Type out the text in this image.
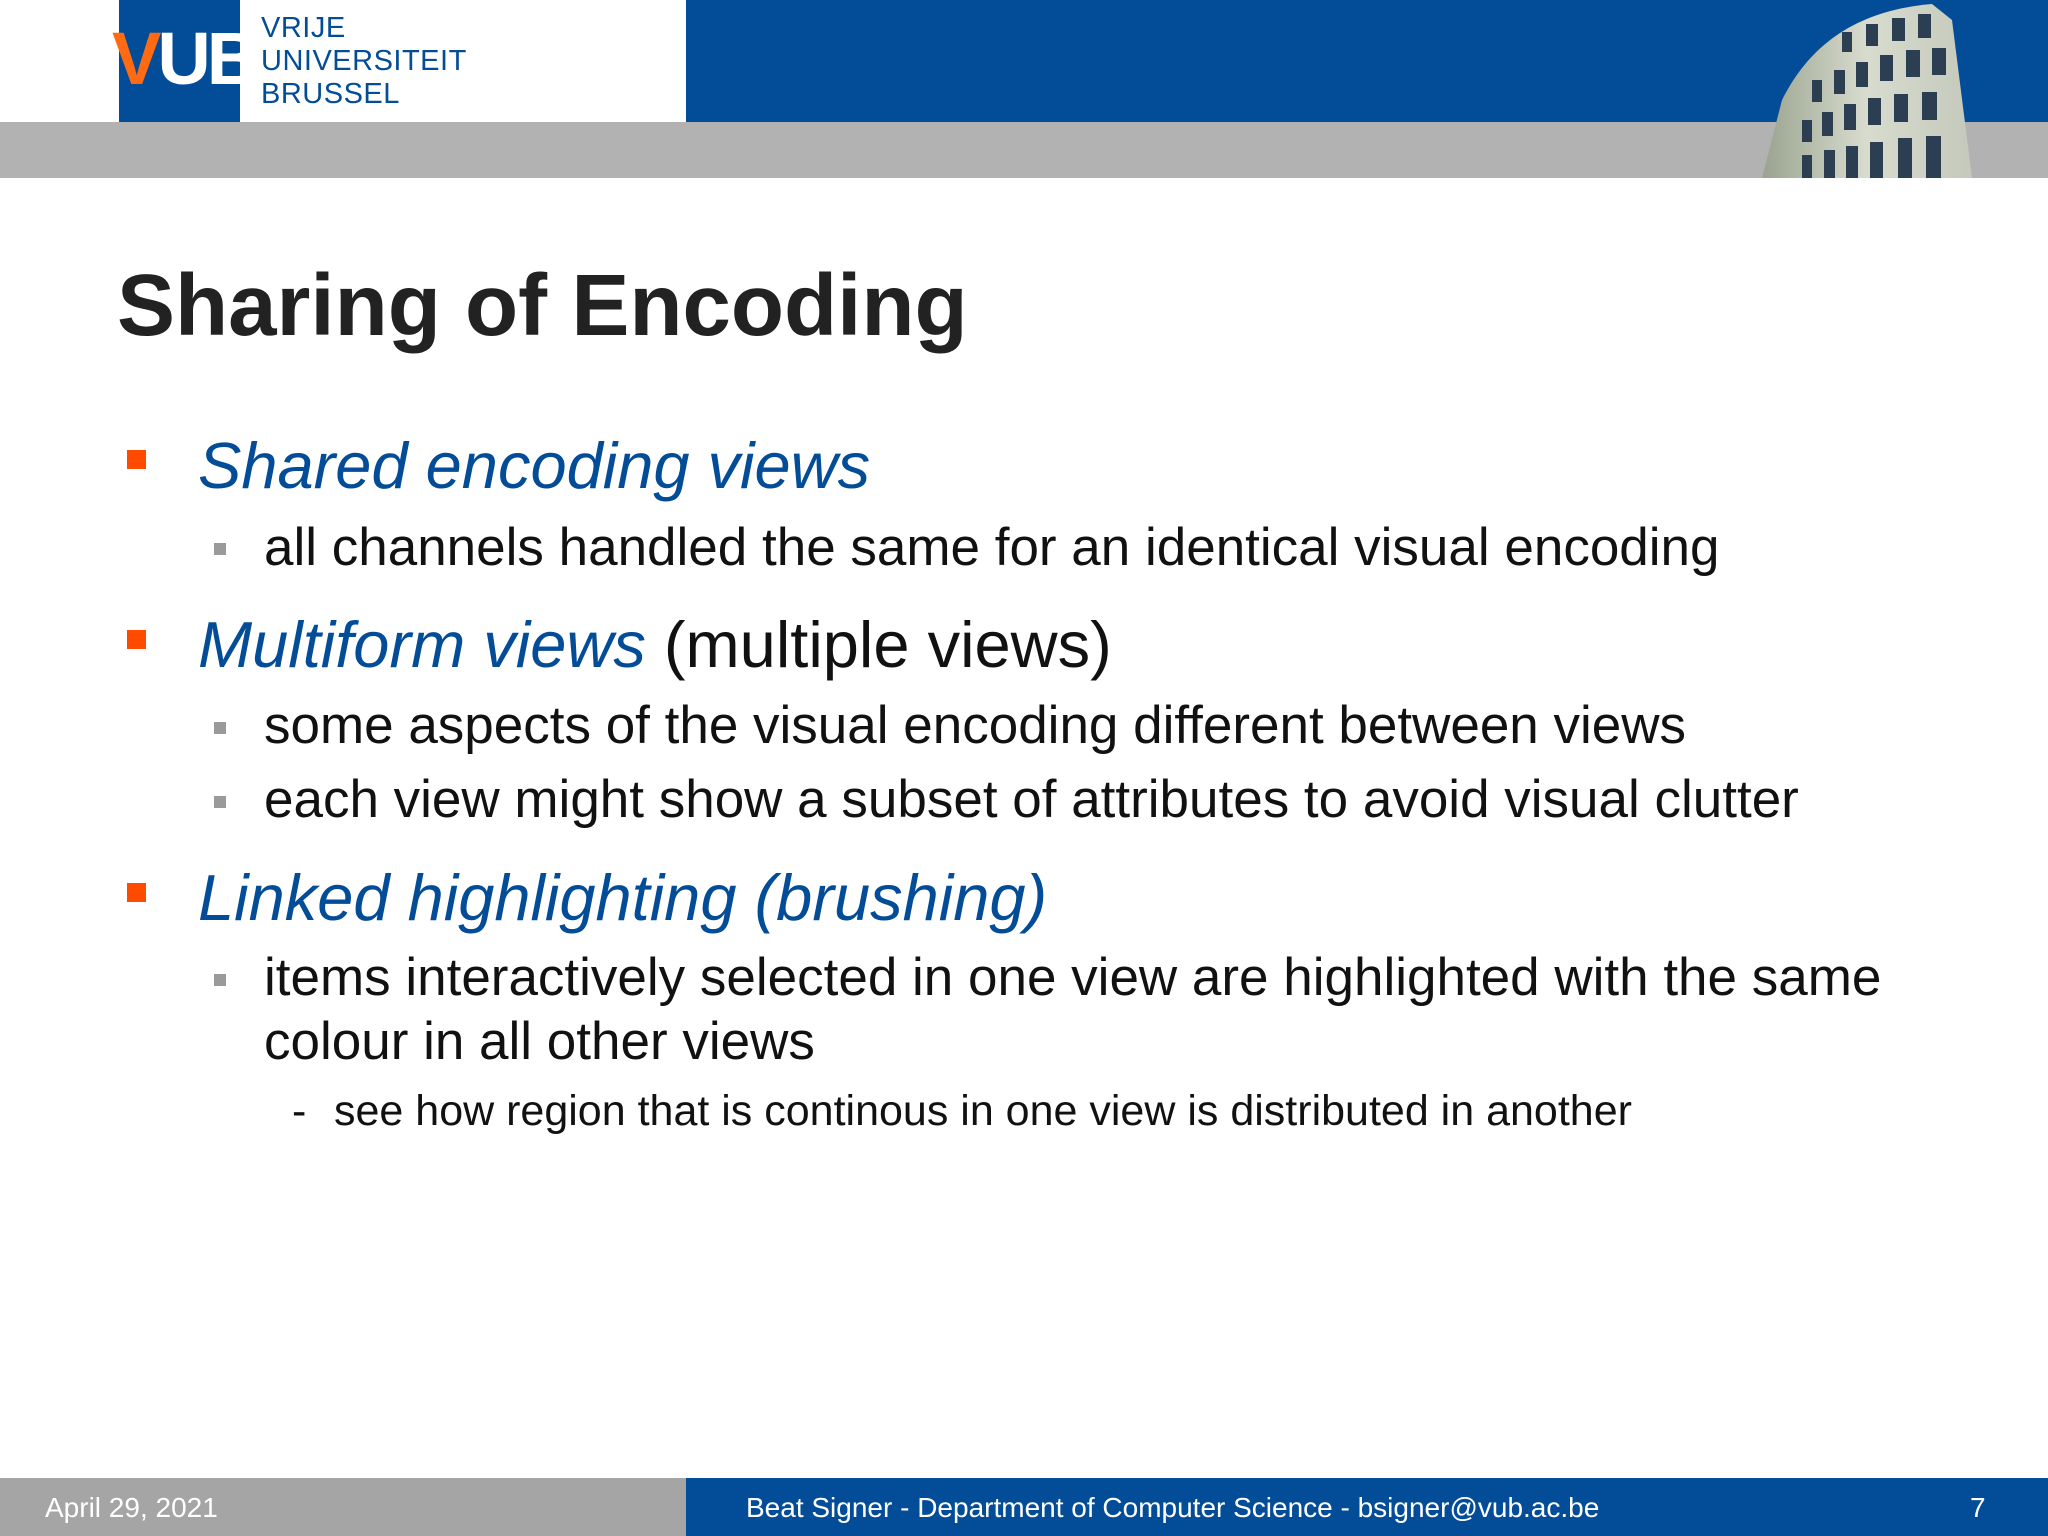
VUB VRIJE
UNIVERSITEIT
BRUSSEL
Sharing of Encoding
Shared encoding views
all channels handled the same for an identical visual encoding
Multiform views (multiple views)
some aspects of the visual encoding different between views
each view might show a subset of attributes to avoid visual clutter
Linked highlighting (brushing)
items interactively selected in one view are highlighted with the same colour in all other views
- see how region that is continous in one view is distributed in another
April 29, 2021	Beat Signer - Department of Computer Science - bsigner@vub.ac.be	7
